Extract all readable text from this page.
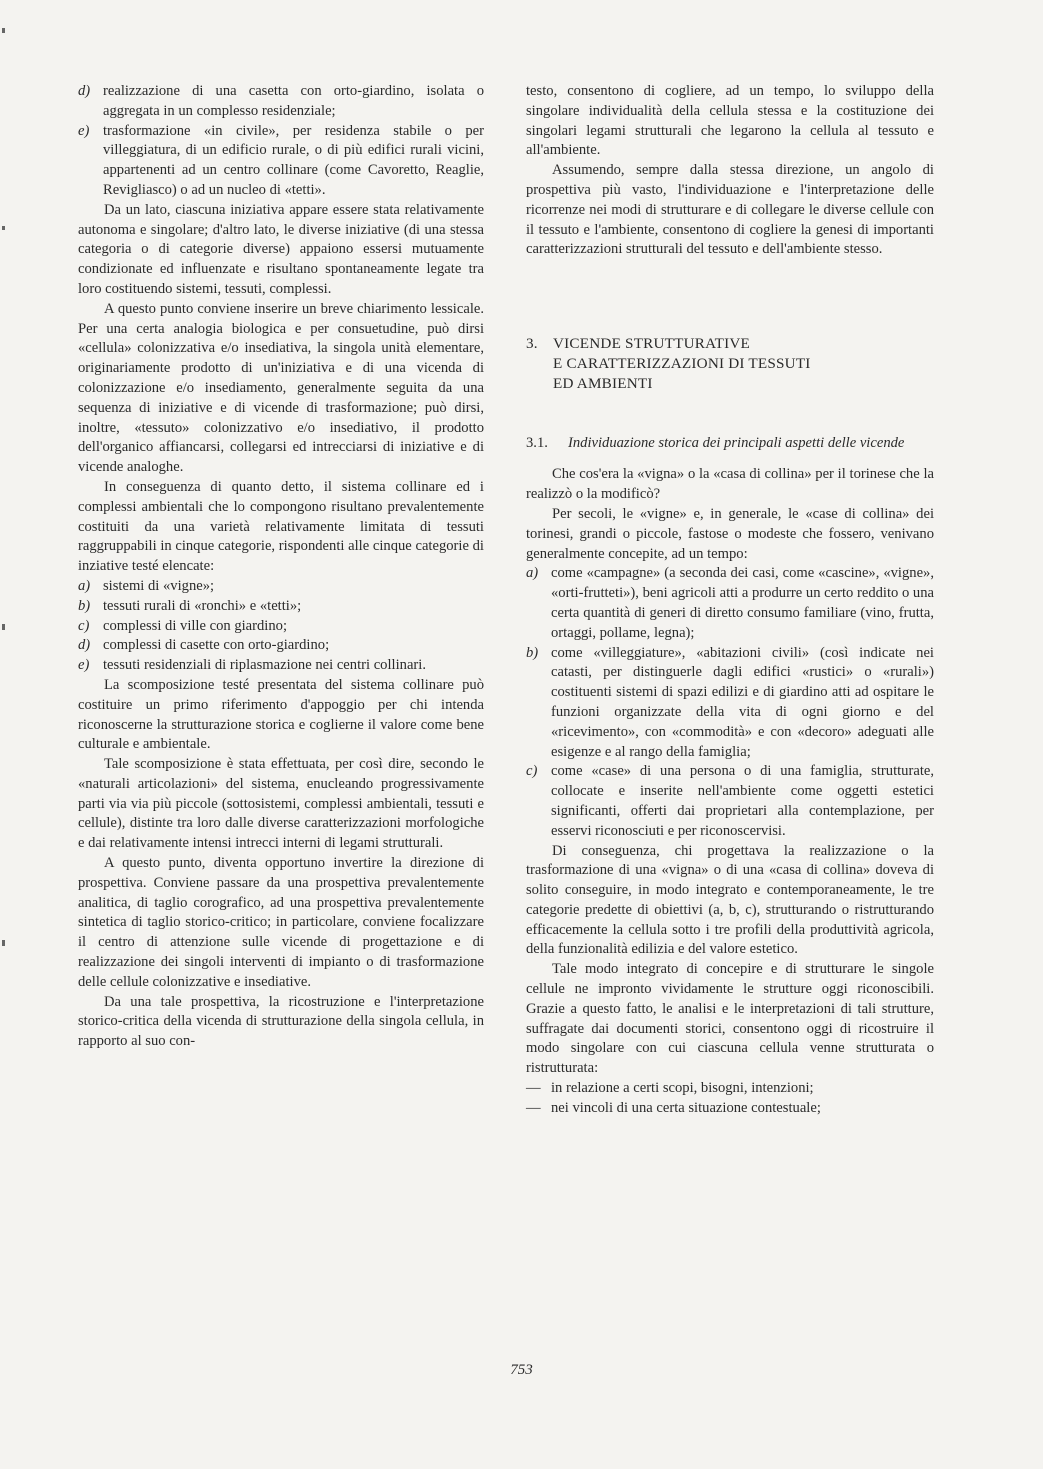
d) realizzazione di una casetta con orto-giardino, isolata o aggregata in un complesso residenziale;
e) trasformazione «in civile», per residenza stabile o per villeggiatura, di un edificio rurale, o di più edifici rurali vicini, appartenenti ad un centro collinare (come Cavoretto, Reaglie, Revigliasco) o ad un nucleo di «tetti».

Da un lato, ciascuna iniziativa appare essere stata relativamente autonoma e singolare; d'altro lato, le diverse iniziative (di una stessa categoria o di categorie diverse) appaiono essersi mutuamente condizionate ed influenzate e risultano spontaneamente legate tra loro costituendo sistemi, tessuti, complessi.

A questo punto conviene inserire un breve chiarimento lessicale. Per una certa analogia biologica e per consuetudine, può dirsi «cellula» colonizzativa e/o insediativa, la singola unità elementare, originariamente prodotto di un'iniziativa e di una vicenda di colonizzazione e/o insediamento, generalmente seguita da una sequenza di iniziative e di vicende di trasformazione; può dirsi, inoltre, «tessuto» colonizzativo e/o insediativo, il prodotto dell'organico affiancarsi, collegarsi ed intrecciarsi di iniziative e di vicende analoghe.

In conseguenza di quanto detto, il sistema collinare ed i complessi ambientali che lo compongono risultano prevalentemente costituiti da una varietà relativamente limitata di tessuti raggruppabili in cinque categorie, rispondenti alle cinque categorie di inziative testé elencate:

a) sistemi di «vigne»;
b) tessuti rurali di «ronchi» e «tetti»;
c) complessi di ville con giardino;
d) complessi di casette con orto-giardino;
e) tessuti residenziali di riplasmazione nei centri collinari.

La scomposizione testé presentata del sistema collinare può costituire un primo riferimento d'appoggio per chi intenda riconoscerne la strutturazione storica e coglierne il valore come bene culturale e ambientale.

Tale scomposizione è stata effettuata, per così dire, secondo le «naturali articolazioni» del sistema, enucleando progressivamente parti via via più piccole (sottosistemi, complessi ambientali, tessuti e cellule), distinte tra loro dalle diverse caratterizzazioni morfologiche e dai relativamente intensi intrecci interni di legami strutturali.

A questo punto, diventa opportuno invertire la direzione di prospettiva. Conviene passare da una prospettiva prevalentemente analitica, di taglio corografico, ad una prospettiva prevalentemente sintetica di taglio storico-critico; in particolare, conviene focalizzare il centro di attenzione sulle vicende di progettazione e di realizzazione dei singoli interventi di impianto o di trasformazione delle cellule colonizzative e insediative.

Da una tale prospettiva, la ricostruzione e l'interpretazione storico-critica della vicenda di strutturazione della singola cellula, in rapporto al suo con-

testo, consentono di cogliere, ad un tempo, lo sviluppo della singolare individualità della cellula stessa e la costituzione dei singolari legami strutturali che legarono la cellula al tessuto e all'ambiente.

Assumendo, sempre dalla stessa direzione, un angolo di prospettiva più vasto, l'individuazione e l'interpretazione delle ricorrenze nei modi di strutturare e di collegare le diverse cellule con il tessuto e l'ambiente, consentono di cogliere la genesi di importanti caratterizzazioni strutturali del tessuto e dell'ambiente stesso.

3. VICENDE STRUTTURATIVE
E CARATTERIZZAZIONI DI TESSUTI
ED AMBIENTI
3.1. Individuazione storica dei principali aspetti delle vicende

Che cos'era la «vigna» o la «casa di collina» per il torinese che la realizzò o la modificò?

Per secoli, le «vigne» e, in generale, le «case di collina» dei torinesi, grandi o piccole, fastose o modeste che fossero, venivano generalmente concepite, ad un tempo:

a) come «campagne» (a seconda dei casi, come «cascine», «vigne», «orti-frutteti»), beni agricoli atti a produrre un certo reddito o una certa quantità di generi di diretto consumo familiare (vino, frutta, ortaggi, pollame, legna);
b) come «villeggiature», «abitazioni civili» (così indicate nei catasti, per distinguerle dagli edifici «rustici» o «rurali») costituenti sistemi di spazi edilizi e di giardino atti ad ospitare le funzioni organizzate della vita di ogni giorno e del «ricevimento», con «commodità» e con «decoro» adeguati alle esigenze e al rango della famiglia;
c) come «case» di una persona o di una famiglia, strutturate, collocate e inserite nell'ambiente come oggetti estetici significanti, offerti dai proprietari alla contemplazione, per esservi riconosciuti e per riconoscervisi.

Di conseguenza, chi progettava la realizzazione o la trasformazione di una «vigna» o di una «casa di collina» doveva di solito conseguire, in modo integrato e contemporaneamente, le tre categorie predette di obiettivi (a, b, c), strutturando o ristrutturando efficacemente la cellula sotto i tre profili della produttività agricola, della funzionalità edilizia e del valore estetico.

Tale modo integrato di concepire e di strutturare le singole cellule ne impronto vividamente le strutture oggi riconoscibili. Grazie a questo fatto, le analisi e le interpretazioni di tali strutture, suffragate dai documenti storici, consentono oggi di ricostruire il modo singolare con cui ciascuna cellula venne strutturata o ristrutturata:

— in relazione a certi scopi, bisogni, intenzioni;
— nei vincoli di una certa situazione contestuale;
753
